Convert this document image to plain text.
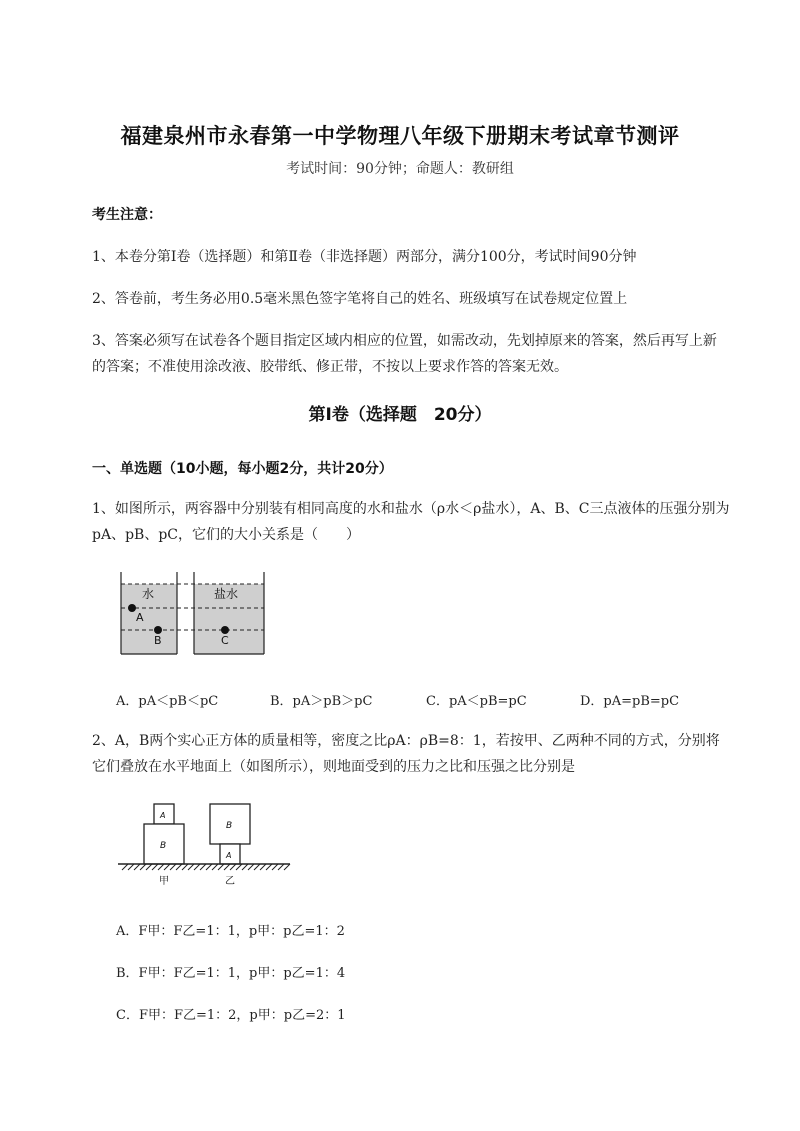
福建泉州市永春第一中学物理八年级下册期末考试章节测评
考试时间：90分钟；命题人：教研组
考生注意：
1、本卷分第I卷（选择题）和第Ⅱ卷（非选择题）两部分，满分100分，考试时间90分钟
2、答卷前，考生务必用0.5毫米黑色签字笔将自己的姓名、班级填写在试卷规定位置上
3、答案必须写在试卷各个题目指定区域内相应的位置，如需改动，先划掉原来的答案，然后再写上新
的答案；不准使用涂改液、胶带纸、修正带，不按以上要求作答的答案无效。
第I卷（选择题　20分）
一、单选题（10小题，每小题2分，共计20分）
1、如图所示，两容器中分别装有相同高度的水和盐水（ρ水＜ρ盐水），A、B、C三点液体的压强分别为
pA、pB、pC，它们的大小关系是（　　）
水	盐水
A
B	C
A．pA＜pB＜pC	B．pA＞pB＞pC	C．pA＜pB=pC	D．pA=pB=pC
2、A，B两个实心正方体的质量相等，密度之比ρA：ρB=8：1，若按甲、乙两种不同的方式，分别将
它们叠放在水平地面上（如图所示），则地面受到的压力之比和压强之比分别是
A
B
B
A
甲	乙
A．F甲：F乙=1：1，p甲：p乙=1：2
B．F甲：F乙=1：1，p甲：p乙=1：4
C．F甲：F乙=1：2，p甲：p乙=2：1
